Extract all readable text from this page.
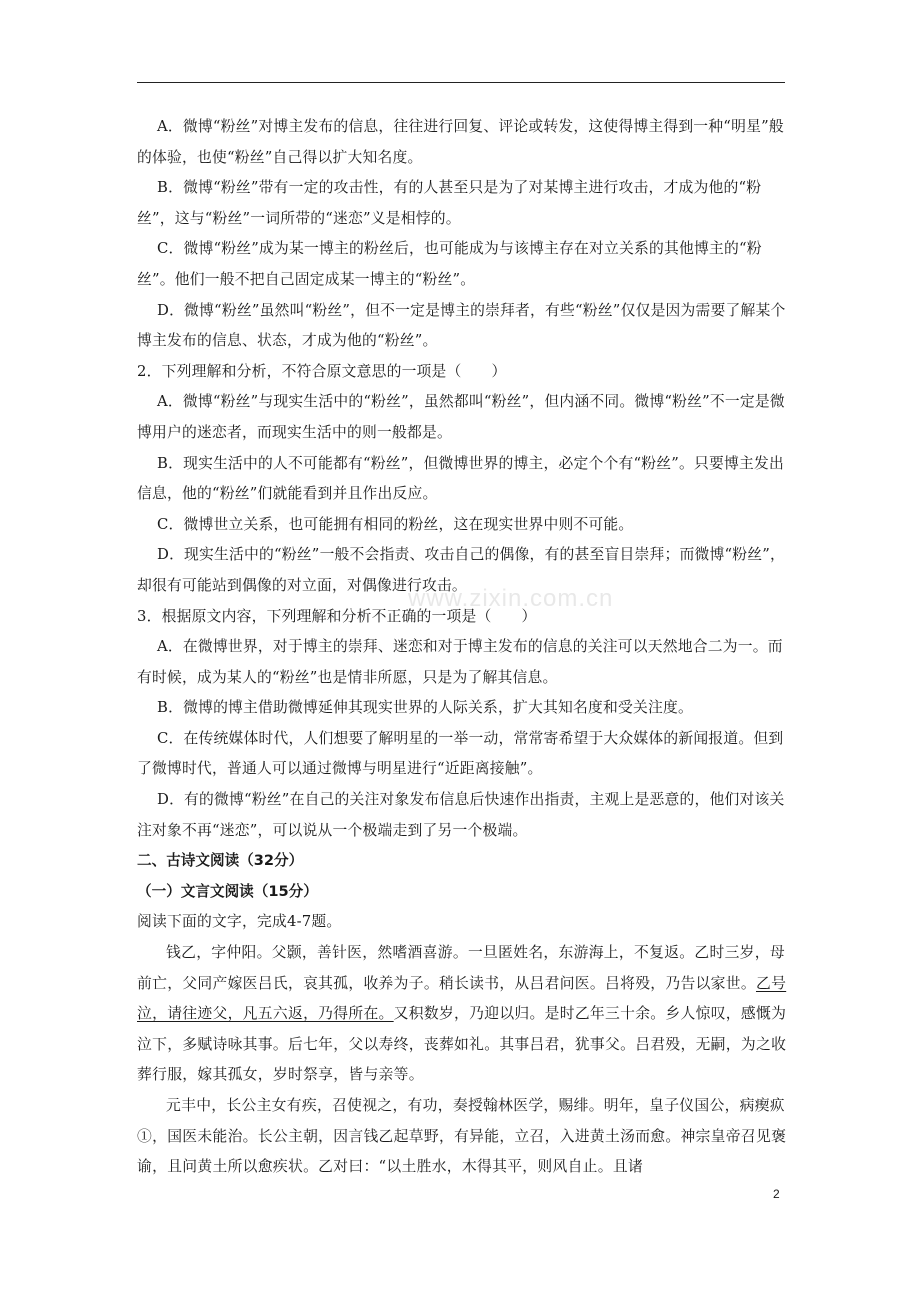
www.zixin.com.cn

A．微博“粉丝”对博主发布的信息，往往进行回复、评论或转发，这使得博主得到一种“明星”般的体验，也使“粉丝”自己得以扩大知名度。

B．微博“粉丝”带有一定的攻击性，有的人甚至只是为了对某博主进行攻击，才成为他的“粉丝”，这与“粉丝”一词所带的“迷恋”义是相悖的。

C．微博“粉丝”成为某一博主的粉丝后，也可能成为与该博主存在对立关系的其他博主的“粉丝”。他们一般不把自己固定成某一博主的“粉丝”。

D．微博“粉丝”虽然叫“粉丝”，但不一定是博主的崇拜者，有些“粉丝”仅仅是因为需要了解某个博主发布的信息、状态，才成为他的“粉丝”。

2．下列理解和分析，不符合原文意思的一项是（　　）

A．微博“粉丝”与现实生活中的“粉丝”，虽然都叫“粉丝”，但内涵不同。微博“粉丝”不一定是微博用户的迷恋者，而现实生活中的则一般都是。

B．现实生活中的人不可能都有“粉丝”，但微博世界的博主，必定个个有“粉丝”。只要博主发出信息，他的“粉丝”们就能看到并且作出反应。

C．微博世立关系，也可能拥有相同的粉丝，这在现实世界中则不可能。

D．现实生活中的“粉丝”一般不会指责、攻击自己的偶像，有的甚至盲目崇拜；而微博“粉丝”，却很有可能站到偶像的对立面，对偶像进行攻击。

3．根据原文内容，下列理解和分析不正确的一项是（　　）

A．在微博世界，对于博主的崇拜、迷恋和对于博主发布的信息的关注可以天然地合二为一。而有时候，成为某人的“粉丝”也是情非所愿，只是为了解其信息。

B．微博的博主借助微博延伸其现实世界的人际关系，扩大其知名度和受关注度。

C．在传统媒体时代，人们想要了解明星的一举一动，常常寄希望于大众媒体的新闻报道。但到了微博时代，普通人可以通过微博与明星进行“近距离接触”。

D．有的微博“粉丝”在自己的关注对象发布信息后快速作出指责，主观上是恶意的，他们对该关注对象不再“迷恋”，可以说从一个极端走到了另一个极端。

二、古诗文阅读（32分）

（一）文言文阅读（15分）

阅读下面的文字，完成4-7题。

钱乙，字仲阳。父颢，善针医，然嗜酒喜游。一旦匿姓名，东游海上，不复返。乙时三岁，母前亡，父同产嫁医吕氏，哀其孤，收养为子。稍长读书，从吕君问医。吕将殁，乃告以家世。乙号泣，请往迹父，凡五六返，乃得所在。又积数岁，乃迎以归。是时乙年三十余。乡人惊叹，感慨为泣下，多赋诗咏其事。后七年，父以寿终，丧葬如礼。其事吕君，犹事父。吕君殁，无嗣，为之收葬行服，嫁其孤女，岁时祭享，皆与亲等。

元丰中，长公主女有疾，召使视之，有功，奏授翰林医学，赐绯。明年，皇子仪国公，病瘈疭①，国医未能治。长公主朝，因言钱乙起草野，有异能，立召，入进黄土汤而愈。神宗皇帝召见褒谕，且问黄土所以愈疾状。乙对曰：“以土胜水，木得其平，则风自止。且诸

2
